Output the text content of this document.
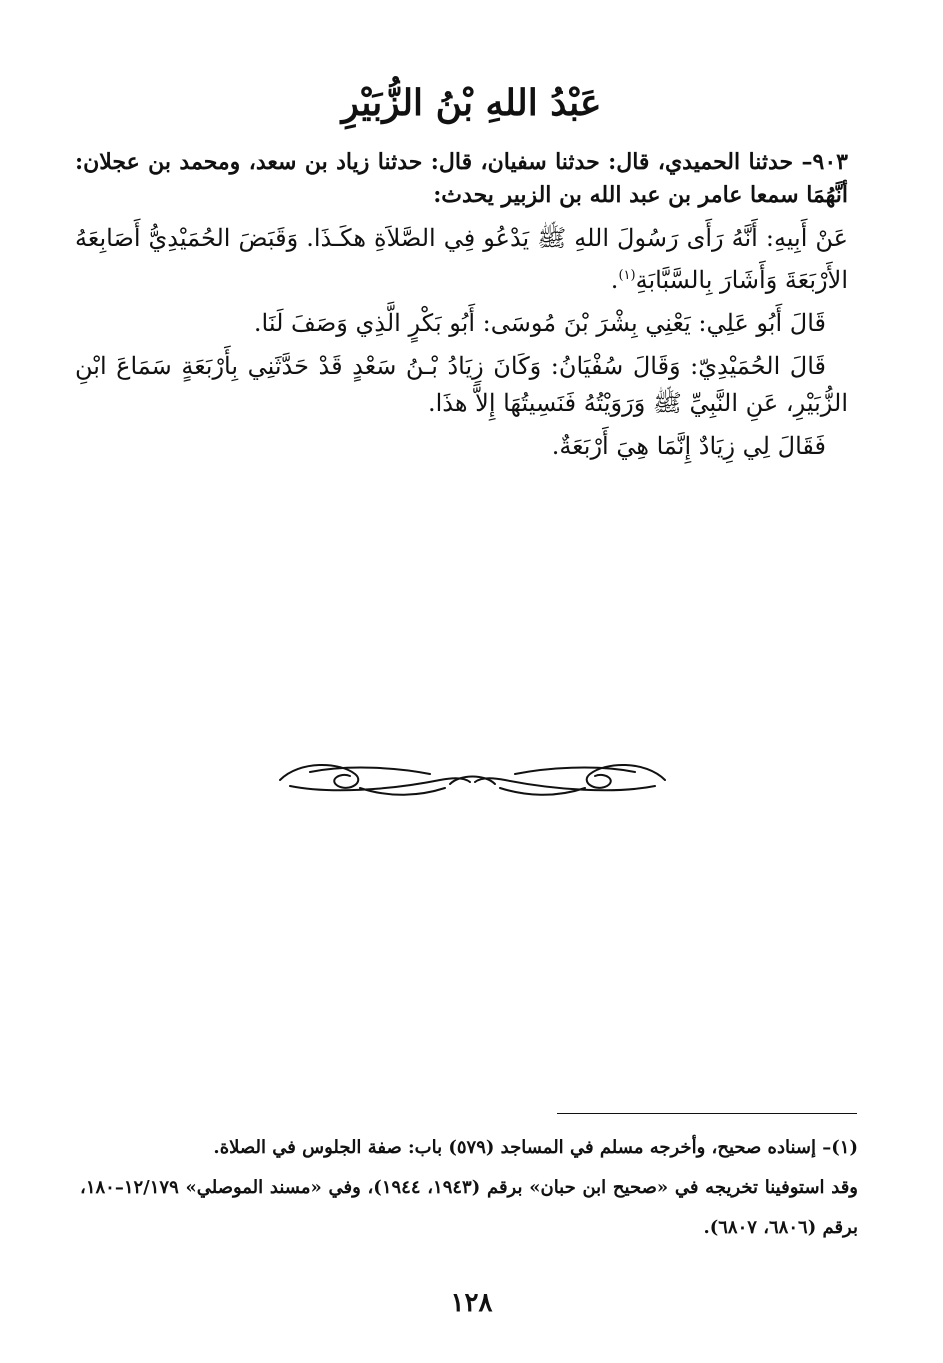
عَبْدُ اللهِ بْنُ الزُّبَيْرِ

٩٠٣– حدثنا الحميدي، قال: حدثنا سفيان، قال: حدثنا زياد بن سعد، ومحمد بن عجلان: أنَّهُمَا سمعا عامر بن عبد الله بن الزبير يحدث:

عَنْ أَبِيهِ: أَنَّهُ رَأَى رَسُولَ اللهِ ﷺ يَدْعُو فِي الصَّلاَةِ هكَـذَا. وَقَبَضَ الحُمَيْدِيُّ أَصَابِعَهُ الأَرْبَعَةَ وَأَشَارَ بِالسَّبَّابَةِ$^{(١)}$.

قَالَ أَبُو عَلِي: يَعْنِي بِشْرَ بْنَ مُوسَى: أَبُو بَكْرٍ الَّذِي وَصَفَ لَنَا.

قَالَ الحُمَيْدِيّ: وَقَالَ سُفْيَانُ: وَكَانَ زِيَادُ بْـنُ سَعْدٍ قَدْ حَدَّثَنِي بِأَرْبَعَةٍ سَمَاعَ ابْنِ الزُّبَيْرِ، عَنِ النَّبِيِّ ﷺ وَرَوَيْتُهُ فَنَسِيتُهَا إِلاَّ هذَا.

فَقَالَ لِي زِيَادٌ إِنَّمَا هِيَ أَرْبَعَةٌ.

(١)– إسناده صحيح، وأخرجه مسلم في المساجد (٥٧٩) باب: صفة الجلوس في الصلاة.

وقد استوفينا تخريجه في «صحيح ابن حبان» برقم (١٩٤٣، ١٩٤٤)، وفي «مسند الموصلي» ١٢/١٧٩–١٨٠، برقم (٦٨٠٦، ٦٨٠٧).

١٢٨
